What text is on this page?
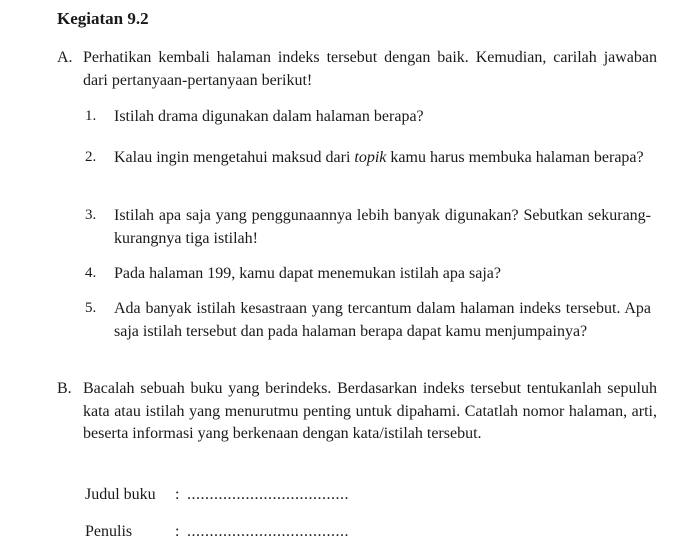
Kegiatan 9.2
A. Perhatikan kembali halaman indeks tersebut dengan baik. Kemudian, carilah jawaban dari pertanyaan-pertanyaan berikut!
1. Istilah drama digunakan dalam halaman berapa?
2. Kalau ingin mengetahui maksud dari topik kamu harus membuka halaman berapa?
3. Istilah apa saja yang penggunaannya lebih banyak digunakan? Sebutkan sekurang-kurangnya tiga istilah!
4. Pada halaman 199, kamu dapat menemukan istilah apa saja?
5. Ada banyak istilah kesastraan yang tercantum dalam halaman indeks tersebut. Apa saja istilah tersebut dan pada halaman berapa dapat kamu menjumpainya?
B. Bacalah sebuah buku yang berindeks. Berdasarkan indeks tersebut tentukanlah sepuluh kata atau istilah yang menurutmu penting untuk dipahami. Catatlah nomor halaman, arti, beserta informasi yang berkenaan dengan kata/istilah tersebut.
Judul buku : ....................................
Penulis	: ....................................
